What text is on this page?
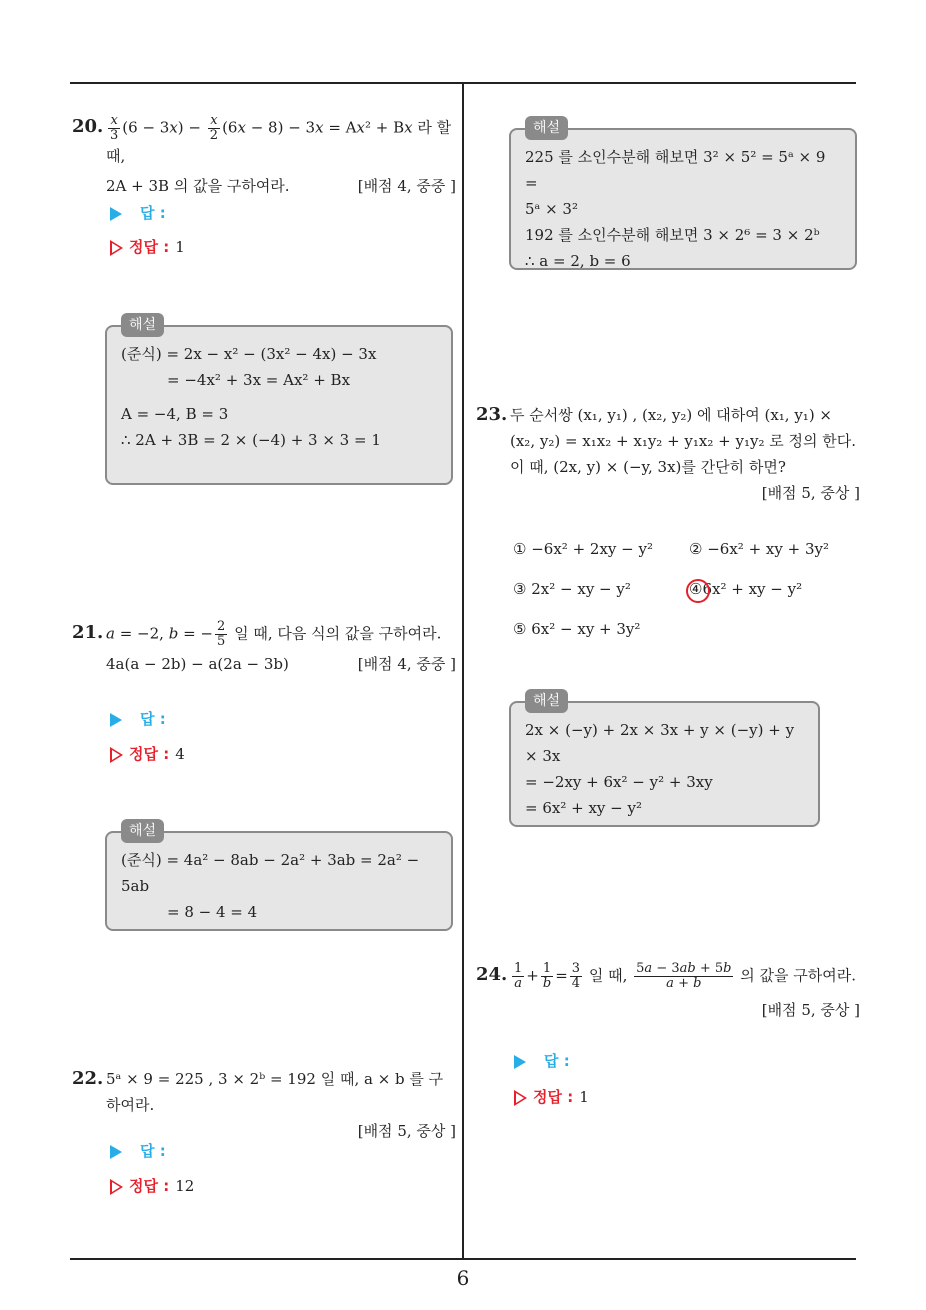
6
20. $\frac{x}{3} (6 - 3x) - \frac{x}{2} (6x - 8) - 3x = Ax^2 + Bx$ 라 할 때,
2A + 3B 의 값을 구하여라.	[배점 4, 중중 ]
답 :
정답 : 1
해설
(준식) = 2x − x² − (3x² − 4x) − 3x
= −4x² + 3x = Ax² + Bx
A = −4, B = 3
∴ 2A + 3B = 2 × (−4) + 3 × 3 = 1
21. a = −2, b = − $\frac{2}{5}$ 일 때, 다음 식의 값을 구하여라.
4a(a − 2b) − a(2a − 3b)	[배점 4, 중중 ]
답 :
정답 : 4
해설
(준식) = 4a² − 8ab − 2a² + 3ab = 2a² − 5ab
= 8 − 4 = 4
22. 5ᵃ × 9 = 225 , 3 × 2ᵇ = 192 일 때, a × b 를 구하여라.
[배점 5, 중상 ]
답 :
정답 : 12
해설
225 를 소인수분해 해보면 3² × 5² = 5ᵃ × 9 =
5ᵃ × 3²
192 를 소인수분해 해보면 3 × 2⁶ = 3 × 2ᵇ
∴ a = 2, b = 6
23. 두 순서쌍 (x₁, y₁) , (x₂, y₂) 에 대하여 (x₁, y₁) ×
(x₂, y₂) = x₁x₂ + x₁y₂ + y₁x₂ + y₁y₂ 로 정의 한다.
이 때, (2x, y) × (−y, 3x)를 간단히 하면?
[배점 5, 중상 ]
① −6x² + 2xy − y² ② −6x² + xy + 3y²
③ 2x² − xy − y²	④6x² + xy − y²
⑤ 6x² − xy + 3y²
해설
2x × (−y) + 2x × 3x + y × (−y) + y × 3x
= −2xy + 6x² − y² + 3xy
= 6x² + xy − y²
24. $\frac{1}{a} + \frac{1}{b} = \frac{3}{4}$ 일 때, $\frac{5a - 3ab + 5b}{a + b}$ 의 값을 구하여라.
[배점 5, 중상 ]
답 :
정답 : 1
